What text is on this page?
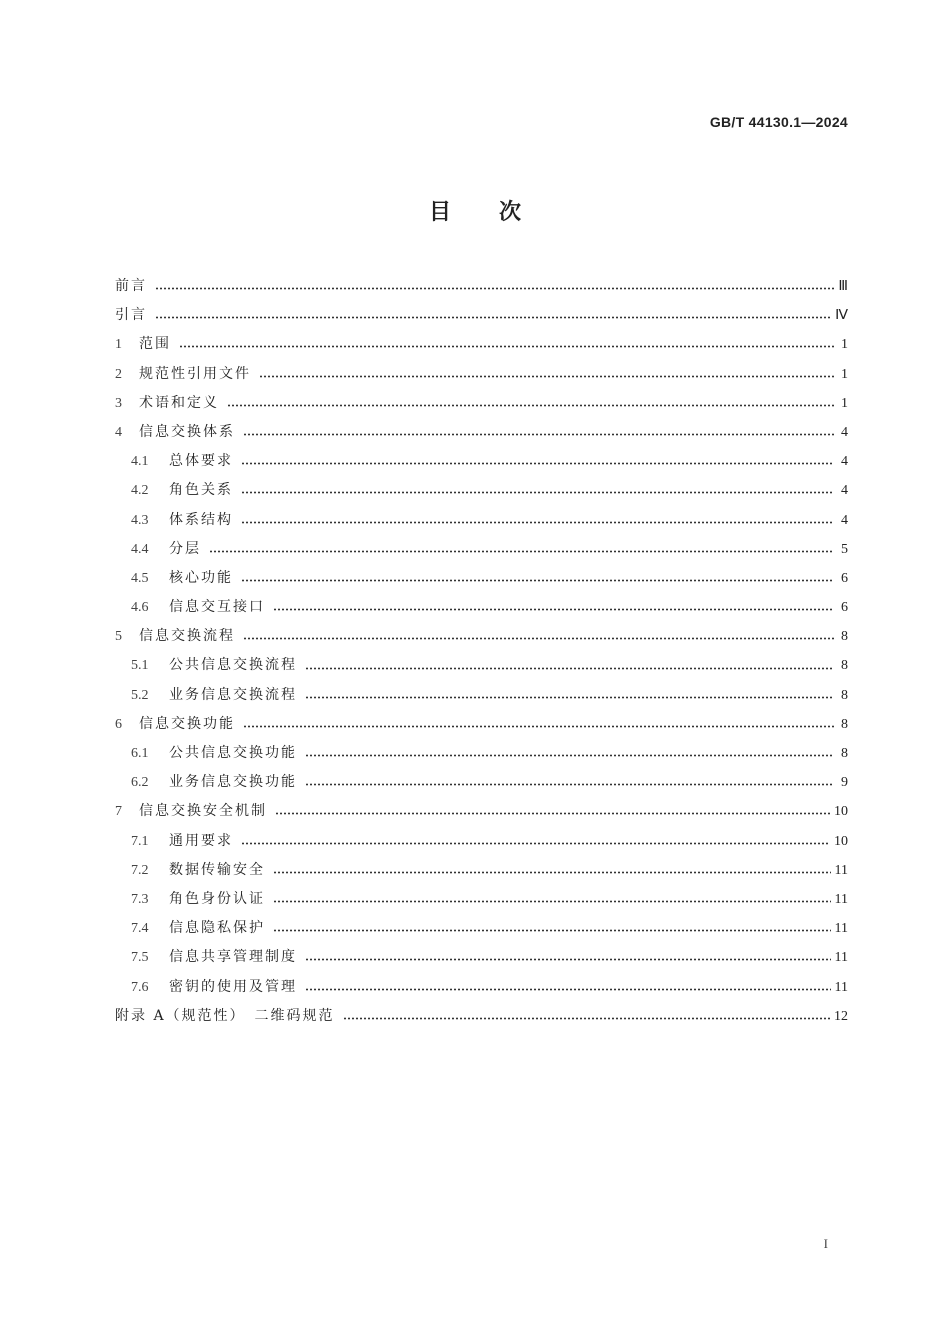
GB/T 44130.1—2024
目次
前言	Ⅲ
引言	Ⅳ
1	范围	1
2	规范性引用文件	1
3	术语和定义	1
4	信息交换体系	4
4.1	总体要求	4
4.2	角色关系	4
4.3	体系结构	4
4.4	分层	5
4.5	核心功能	6
4.6	信息交互接口	6
5	信息交换流程	8
5.1	公共信息交换流程	8
5.2	业务信息交换流程	8
6	信息交换功能	8
6.1	公共信息交换功能	8
6.2	业务信息交换功能	9
7	信息交换安全机制	10
7.1	通用要求	10
7.2	数据传输安全	11
7.3	角色身份认证	11
7.4	信息隐私保护	11
7.5	信息共享管理制度	11
7.6	密钥的使用及管理	11
附录 A（规范性）　二维码规范	12
I
